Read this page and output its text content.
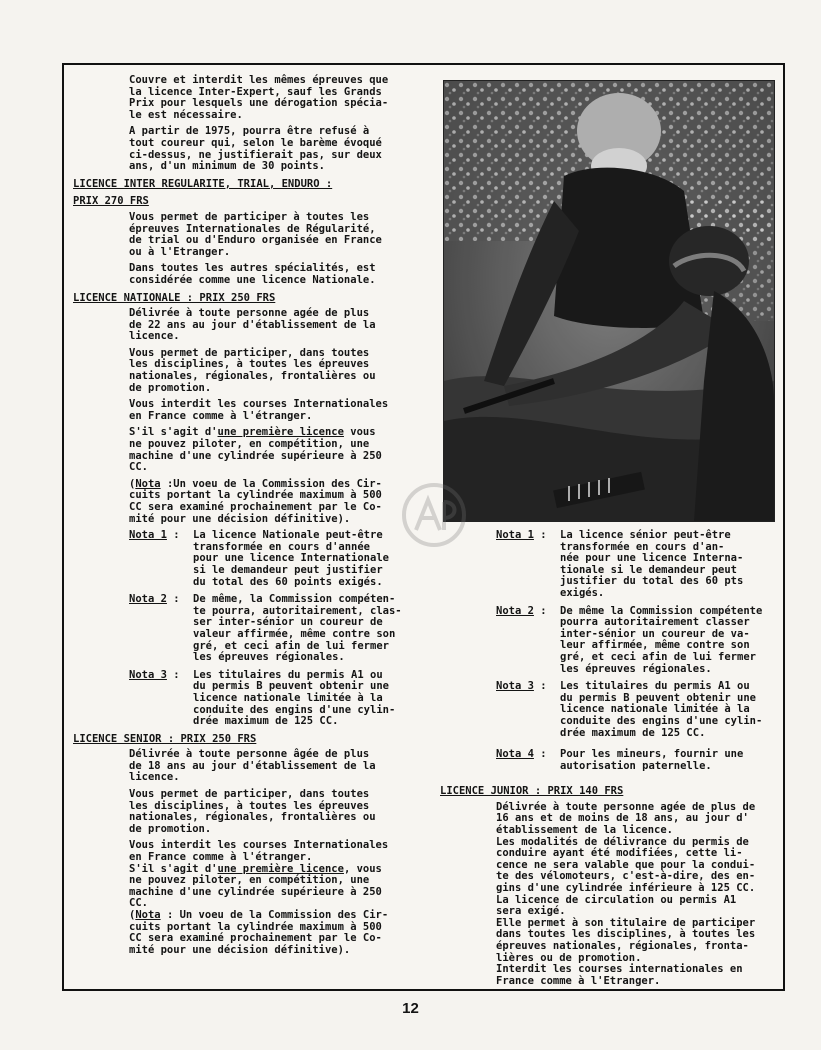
Couvre et interdit les mêmes épreuves que
la licence Inter-Expert, sauf les Grands
Prix pour lesquels une dérogation spécia-
le est nécessaire.

A partir de 1975, pourra être refusé à
tout coureur qui, selon le barème évoqué
ci-dessus, ne justifierait pas, sur deux
ans, d'un minimum de 30 points.

LICENCE INTER REGULARITE, TRIAL, ENDURO :
PRIX 270 FRS

Vous permet de participer à toutes les
épreuves Internationales de Régularité,
de trial ou d'Enduro organisée en France
ou à l'Etranger.

Dans toutes les autres spécialités, est
considérée comme une licence Nationale.

LICENCE NATIONALE : PRIX 250 FRS

Délivrée à toute personne agée de plus
de 22 ans au jour d'établissement de la
licence.

Vous permet de participer, dans toutes
les disciplines, à toutes les épreuves
nationales, régionales, frontalières ou
de promotion.

Vous interdit les courses Internationales
en France comme à l'étranger.

S'il s'agit d'une première licence vous
ne pouvez piloter, en compétition, une
machine d'une cylindrée supérieure à 250
CC.

(Nota :Un voeu de la Commission des Cir-
cuits portant la cylindrée maximum à 500
CC sera examiné prochainement par le Co-
mité pour une décision définitive).

Nota 1 :	La licence Nationale peut-être
transformée en cours d'année
pour une licence Internationale
si le demandeur peut justifier
du total des 60 points exigés.
Nota 2 :	De même, la Commission compéten-
te pourra, autoritairement, clas-
ser inter-sénior un coureur de
valeur affirmée, même contre son
gré, et ceci afin de lui fermer
les épreuves régionales.
Nota 3 :	Les titulaires du permis A1 ou
du permis B peuvent obtenir une
licence nationale limitée à la
conduite des engins d'une cylin-
drée maximum de 125 CC.
LICENCE SENIOR : PRIX 250 FRS

Délivrée à toute personne âgée de plus
de 18 ans au jour d'établissement de la
licence.

Vous permet de participer, dans toutes
les disciplines, à toutes les épreuves
nationales, régionales, frontalières ou
de promotion.

Vous interdit les courses Internationales
en France comme à l'étranger.

S'il s'agit d'une première licence, vous
ne pouvez piloter, en compétition, une
machine d'une cylindrée supérieure à 250
CC.

(Nota : Un voeu de la Commission des Cir-
cuits portant la cylindrée maximum à 500
CC sera examiné prochainement par le Co-
mité pour une décision définitive).

Nota 1 :	La licence sénior peut-être
transformée en cours d'an-
née pour une licence Interna-
tionale si le demandeur peut
justifier du total des 60 pts
exigés.
Nota 2 :	De même la Commission compétente
pourra autoritairement classer
inter-sénior un coureur de va-
leur affirmée, même contre son
gré, et ceci afin de lui fermer
les épreuves régionales.
Nota 3 :	Les titulaires du permis A1 ou
du permis B peuvent obtenir une
licence nationale limitée à la
conduite des engins d'une cylin-
drée maximum de 125 CC.
Nota 4 :	Pour les mineurs, fournir une
autorisation paternelle.
LICENCE JUNIOR : PRIX 140 FRS

Délivrée à toute personne agée de plus de
16 ans et de moins de 18 ans, au jour d'
établissement de la licence.
Les modalités de délivrance du permis de
conduire ayant été modifiées, cette li-
cence ne sera valable que pour la condui-
te des vélomoteurs, c'est-à-dire, des en-
gins d'une cylindrée inférieure à 125 CC.
La licence de circulation ou permis A1
sera exigé.
Elle permet à son titulaire de participer
dans toutes les disciplines, à toutes les
épreuves nationales, régionales, fronta-
lières ou de promotion.
Interdit les courses internationales en
France comme à l'Etranger.

12
